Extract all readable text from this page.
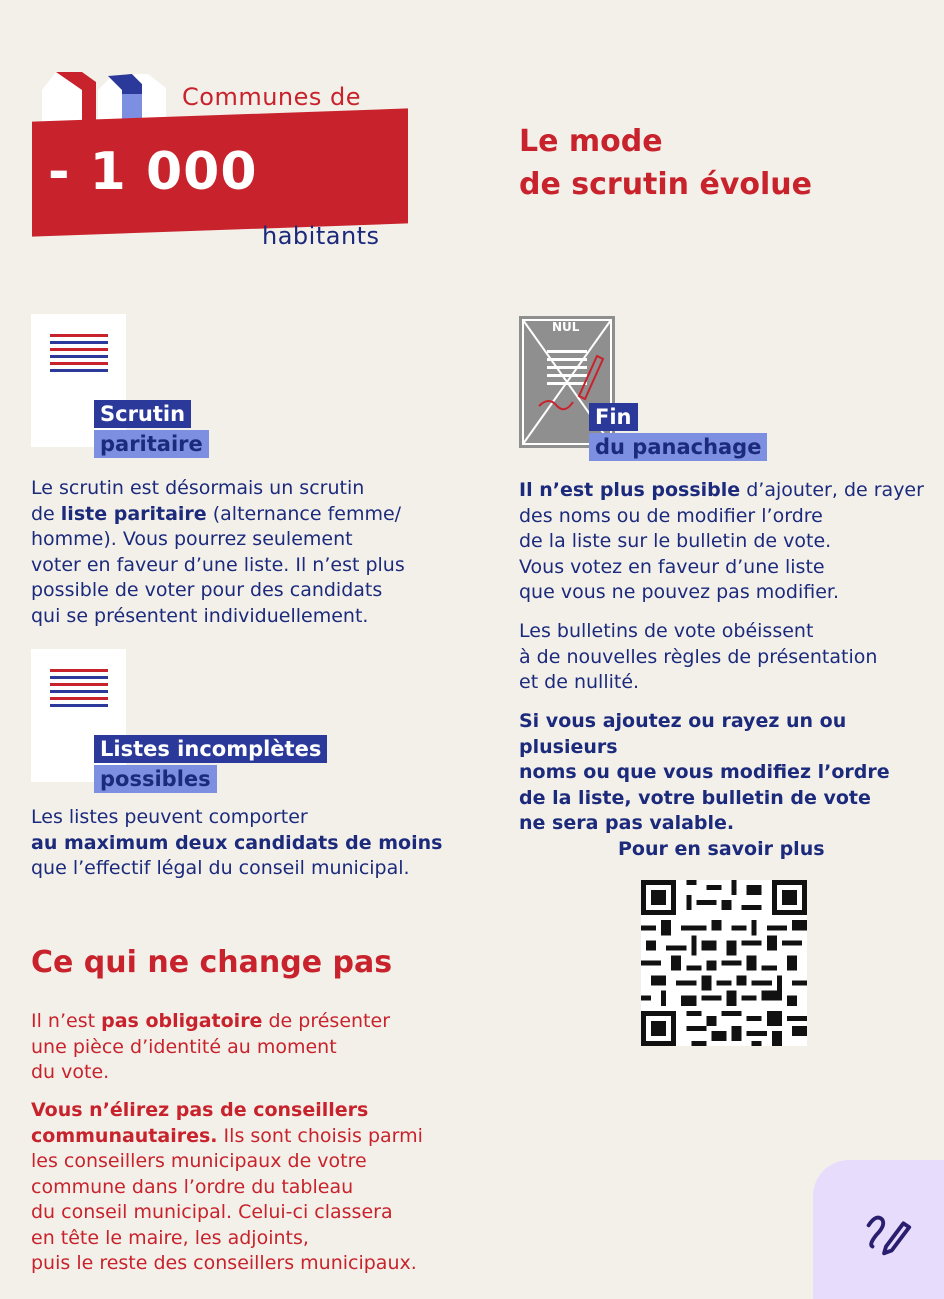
Communes de
- 1 000
habitants
Le mode
de scrutin évolue
Scrutin
paritaire
Le scrutin est désormais un scrutin
de liste paritaire (alternance femme/
homme). Vous pourrez seulement
voter en faveur d’une liste. Il n’est plus
possible de voter pour des candidats
qui se présentent individuellement.
Listes incomplètes
possibles
Les listes peuvent comporter
au maximum deux candidats de moins
que l’effectif légal du conseil municipal.
NUL
Fin
du panachage
Il n’est plus possible d’ajouter, de rayer
des noms ou de modifier l’ordre
de la liste sur le bulletin de vote.
Vous votez en faveur d’une liste
que vous ne pouvez pas modifier.
Les bulletins de vote obéissent
à de nouvelles règles de présentation
et de nullité.
Si vous ajoutez ou rayez un ou plusieurs
noms ou que vous modifiez l’ordre
de la liste, votre bulletin de vote
ne sera pas valable.
Pour en savoir plus
Ce qui ne change pas
Il n’est pas obligatoire de présenter
une pièce d’identité au moment
du vote.
Vous n’élirez pas de conseillers
communautaires. Ils sont choisis parmi
les conseillers municipaux de votre
commune dans l’ordre du tableau
du conseil municipal. Celui-ci classera
en tête le maire, les adjoints,
puis le reste des conseillers municipaux.
